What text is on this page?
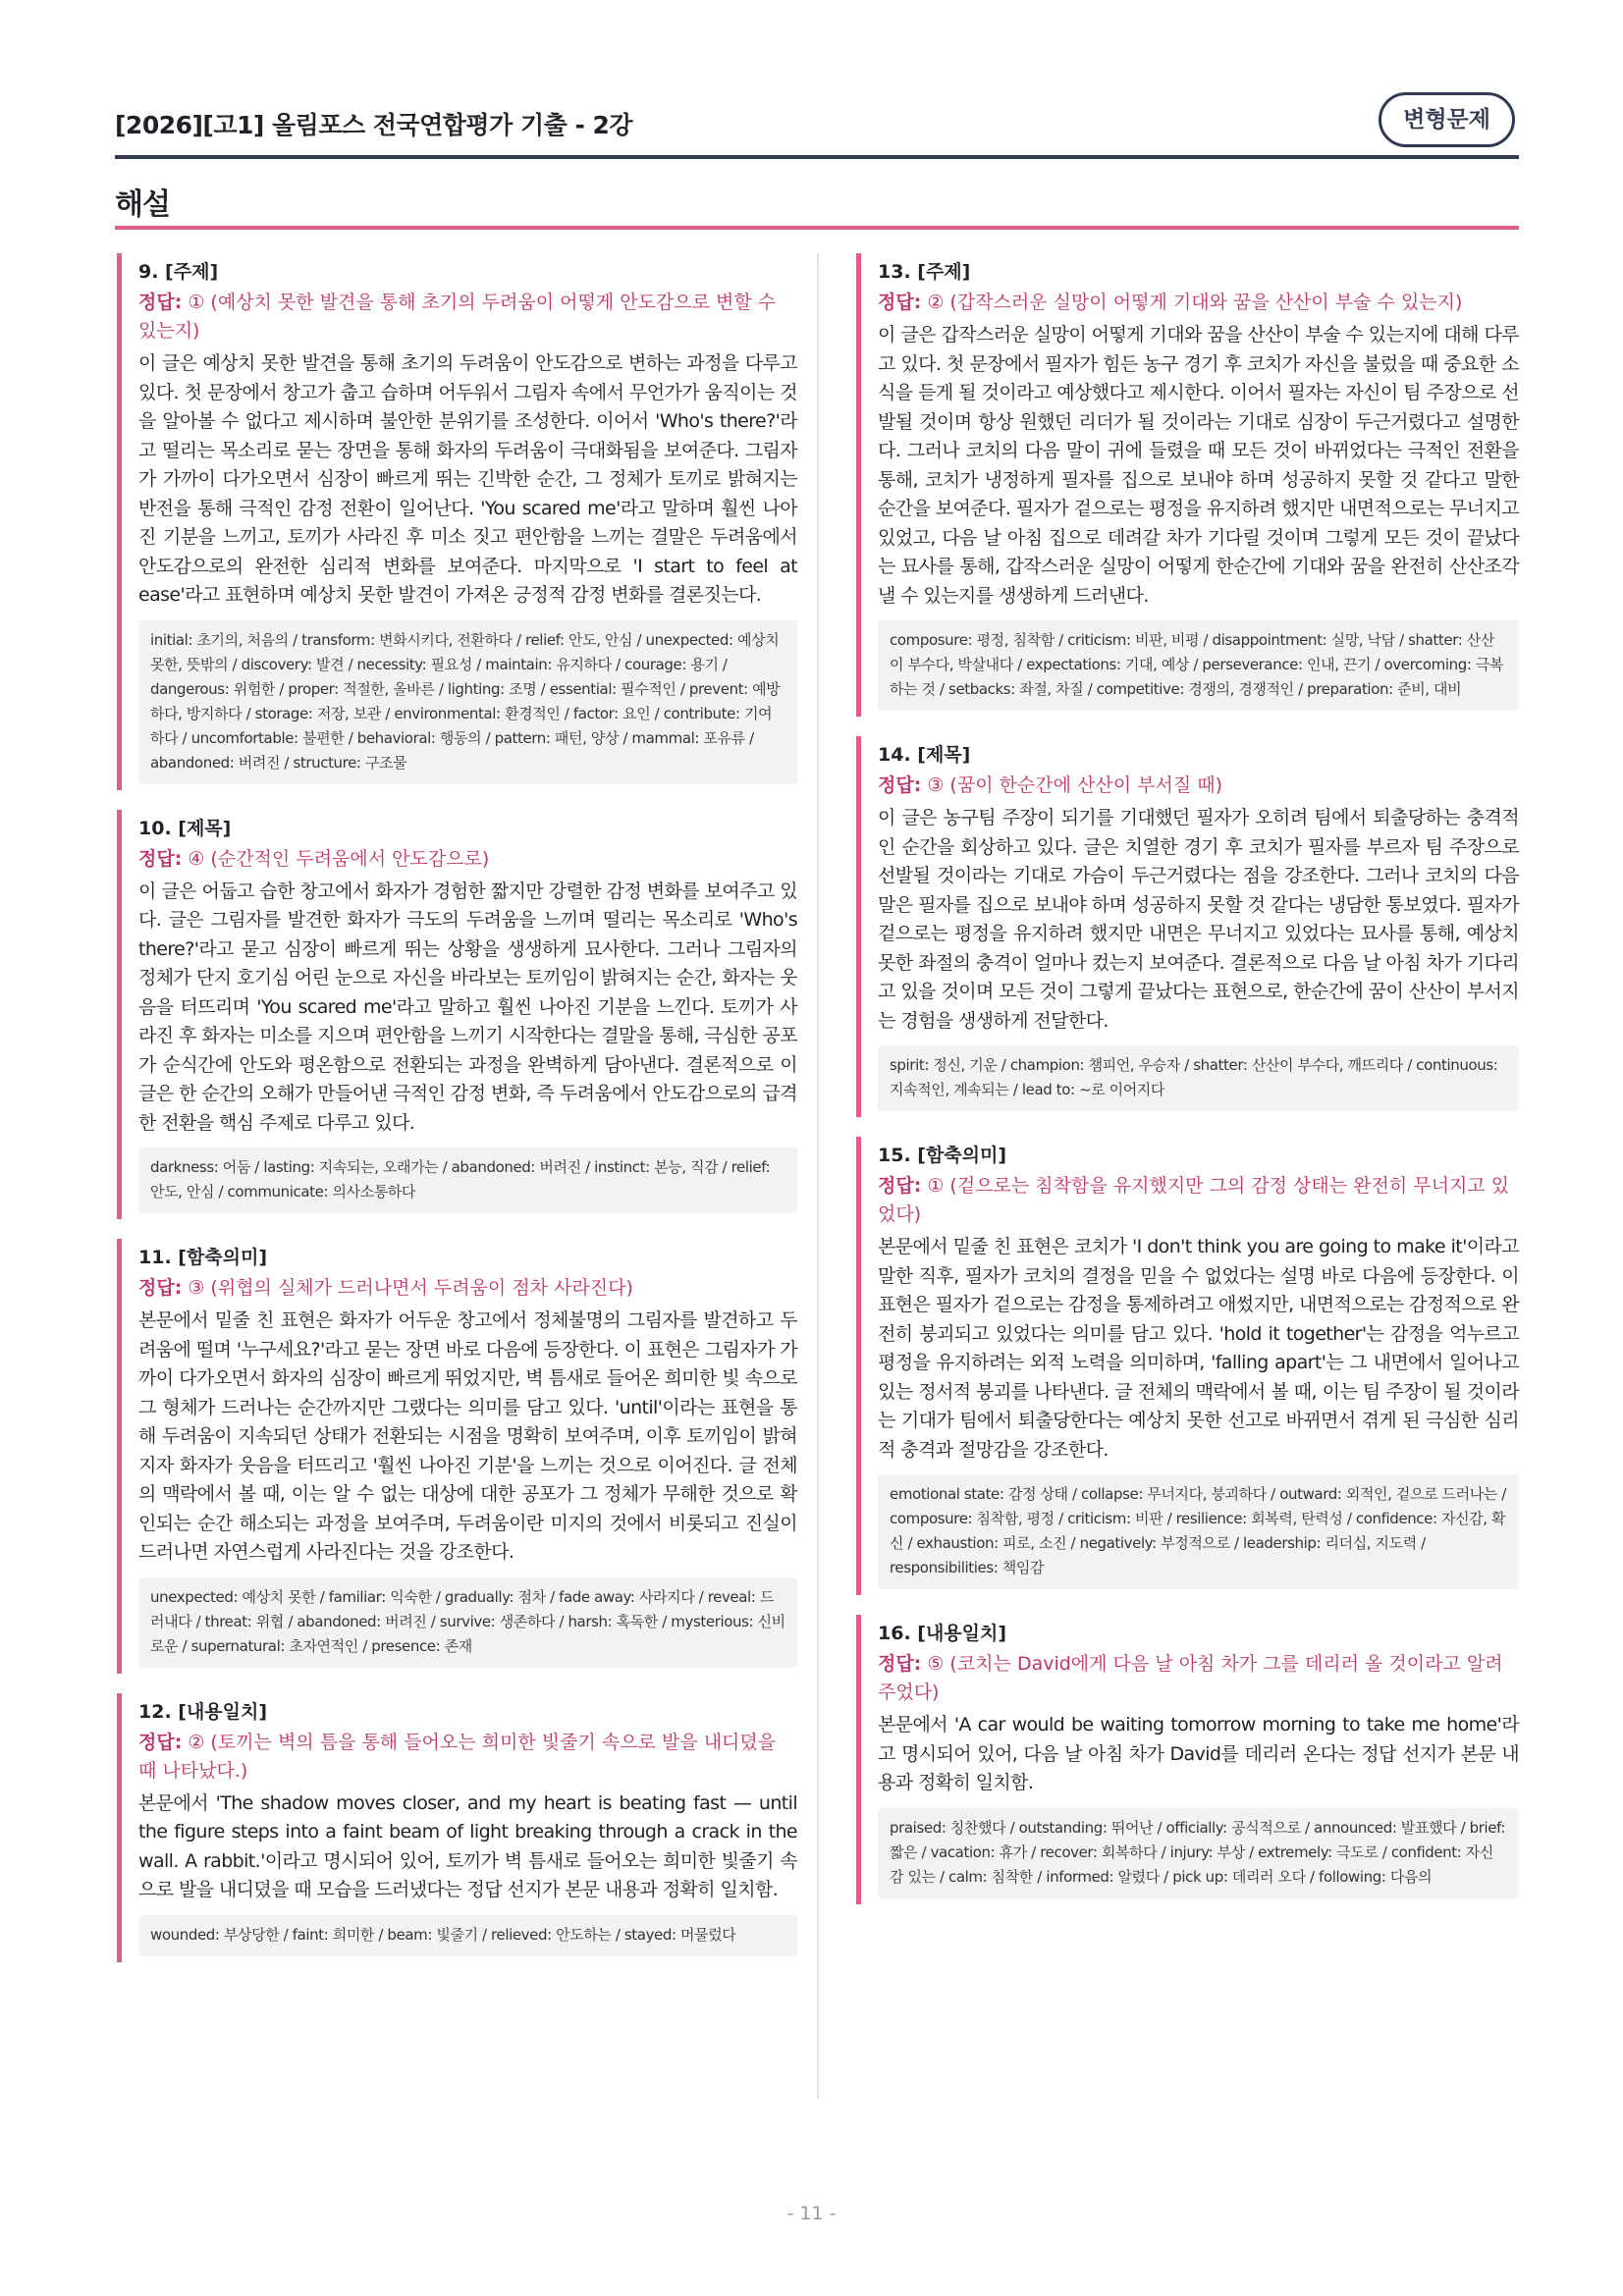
[2026][고1] 올림포스 전국연합평가 기출 - 2강	변형문제
해설
9. [주제]
정답: ① (예상치 못한 발견을 통해 초기의 두려움이 어떻게 안도감으로 변할 수 있는지)
이 글은 예상치 못한 발견을 통해 초기의 두려움이 안도감으로 변하는 과정을 다루고 있다. 첫 문장에서 창고가 춥고 습하며 어두워서 그림자 속에서 무언가가 움직이는 것을 알아볼 수 없다고 제시하며 불안한 분위기를 조성한다. 이어서 'Who's there?'라고 떨리는 목소리로 묻는 장면을 통해 화자의 두려움이 극대화됨을 보여준다. 그림자가 가까이 다가오면서 심장이 빠르게 뛰는 긴박한 순간, 그 정체가 토끼로 밝혀지는 반전을 통해 극적인 감정 전환이 일어난다. 'You scared me'라고 말하며 훨씬 나아진 기분을 느끼고, 토끼가 사라진 후 미소 짓고 편안함을 느끼는 결말은 두려움에서 안도감으로의 완전한 심리적 변화를 보여준다. 마지막으로 'I start to feel at ease'라고 표현하며 예상치 못한 발견이 가져온 긍정적 감정 변화를 결론짓는다.
initial: 초기의, 처음의 / transform: 변화시키다, 전환하다 / relief: 안도, 안심 / unexpected: 예상치 못한, 뜻밖의 / discovery: 발견 / necessity: 필요성 / maintain: 유지하다 / courage: 용기 / dangerous: 위험한 / proper: 적절한, 올바른 / lighting: 조명 / essential: 필수적인 / prevent: 예방하다, 방지하다 / storage: 저장, 보관 / environmental: 환경적인 / factor: 요인 / contribute: 기여하다 / uncomfortable: 불편한 / behavioral: 행동의 / pattern: 패턴, 양상 / mammal: 포유류 / abandoned: 버려진 / structure: 구조물
10. [제목]
정답: ④ (순간적인 두려움에서 안도감으로)
이 글은 어둡고 습한 창고에서 화자가 경험한 짧지만 강렬한 감정 변화를 보여주고 있다. 글은 그림자를 발견한 화자가 극도의 두려움을 느끼며 떨리는 목소리로 'Who's there?'라고 묻고 심장이 빠르게 뛰는 상황을 생생하게 묘사한다. 그러나 그림자의 정체가 단지 호기심 어린 눈으로 자신을 바라보는 토끼임이 밝혀지는 순간, 화자는 웃음을 터뜨리며 'You scared me'라고 말하고 훨씬 나아진 기분을 느낀다. 토끼가 사라진 후 화자는 미소를 지으며 편안함을 느끼기 시작한다는 결말을 통해, 극심한 공포가 순식간에 안도와 평온함으로 전환되는 과정을 완벽하게 담아낸다. 결론적으로 이 글은 한 순간의 오해가 만들어낸 극적인 감정 변화, 즉 두려움에서 안도감으로의 급격한 전환을 핵심 주제로 다루고 있다.
darkness: 어둠 / lasting: 지속되는, 오래가는 / abandoned: 버려진 / instinct: 본능, 직감 / relief: 안도, 안심 / communicate: 의사소통하다
11. [함축의미]
정답: ③ (위협의 실체가 드러나면서 두려움이 점차 사라진다)
본문에서 밑줄 친 표현은 화자가 어두운 창고에서 정체불명의 그림자를 발견하고 두려움에 떨며 '누구세요?'라고 묻는 장면 바로 다음에 등장한다. 이 표현은 그림자가 가까이 다가오면서 화자의 심장이 빠르게 뛰었지만, 벽 틈새로 들어온 희미한 빛 속으로 그 형체가 드러나는 순간까지만 그랬다는 의미를 담고 있다. 'until'이라는 표현을 통해 두려움이 지속되던 상태가 전환되는 시점을 명확히 보여주며, 이후 토끼임이 밝혀지자 화자가 웃음을 터뜨리고 '훨씬 나아진 기분'을 느끼는 것으로 이어진다. 글 전체의 맥락에서 볼 때, 이는 알 수 없는 대상에 대한 공포가 그 정체가 무해한 것으로 확인되는 순간 해소되는 과정을 보여주며, 두려움이란 미지의 것에서 비롯되고 진실이 드러나면 자연스럽게 사라진다는 것을 강조한다.
unexpected: 예상치 못한 / familiar: 익숙한 / gradually: 점차 / fade away: 사라지다 / reveal: 드러내다 / threat: 위협 / abandoned: 버려진 / survive: 생존하다 / harsh: 혹독한 / mysterious: 신비로운 / supernatural: 초자연적인 / presence: 존재
12. [내용일치]
정답: ② (토끼는 벽의 틈을 통해 들어오는 희미한 빛줄기 속으로 발을 내디뎠을 때 나타났다.)
본문에서 'The shadow moves closer, and my heart is beating fast — until the figure steps into a faint beam of light breaking through a crack in the wall. A rabbit.'이라고 명시되어 있어, 토끼가 벽 틈새로 들어오는 희미한 빛줄기 속으로 발을 내디뎠을 때 모습을 드러냈다는 정답 선지가 본문 내용과 정확히 일치함.
wounded: 부상당한 / faint: 희미한 / beam: 빛줄기 / relieved: 안도하는 / stayed: 머물렀다
13. [주제]
정답: ② (갑작스러운 실망이 어떻게 기대와 꿈을 산산이 부술 수 있는지)
이 글은 갑작스러운 실망이 어떻게 기대와 꿈을 산산이 부술 수 있는지에 대해 다루고 있다. 첫 문장에서 필자가 힘든 농구 경기 후 코치가 자신을 불렀을 때 중요한 소식을 듣게 될 것이라고 예상했다고 제시한다. 이어서 필자는 자신이 팀 주장으로 선발될 것이며 항상 원했던 리더가 될 것이라는 기대로 심장이 두근거렸다고 설명한다. 그러나 코치의 다음 말이 귀에 들렸을 때 모든 것이 바뀌었다는 극적인 전환을 통해, 코치가 냉정하게 필자를 집으로 보내야 하며 성공하지 못할 것 같다고 말한 순간을 보여준다. 필자가 겉으로는 평정을 유지하려 했지만 내면적으로는 무너지고 있었고, 다음 날 아침 집으로 데려갈 차가 기다릴 것이며 그렇게 모든 것이 끝났다는 묘사를 통해, 갑작스러운 실망이 어떻게 한순간에 기대와 꿈을 완전히 산산조각 낼 수 있는지를 생생하게 드러낸다.
composure: 평정, 침착함 / criticism: 비판, 비평 / disappointment: 실망, 낙담 / shatter: 산산이 부수다, 박살내다 / expectations: 기대, 예상 / perseverance: 인내, 끈기 / overcoming: 극복하는 것 / setbacks: 좌절, 차질 / competitive: 경쟁의, 경쟁적인 / preparation: 준비, 대비
14. [제목]
정답: ③ (꿈이 한순간에 산산이 부서질 때)
이 글은 농구팀 주장이 되기를 기대했던 필자가 오히려 팀에서 퇴출당하는 충격적인 순간을 회상하고 있다. 글은 치열한 경기 후 코치가 필자를 부르자 팀 주장으로 선발될 것이라는 기대로 가슴이 두근거렸다는 점을 강조한다. 그러나 코치의 다음 말은 필자를 집으로 보내야 하며 성공하지 못할 것 같다는 냉담한 통보였다. 필자가 겉으로는 평정을 유지하려 했지만 내면은 무너지고 있었다는 묘사를 통해, 예상치 못한 좌절의 충격이 얼마나 컸는지 보여준다. 결론적으로 다음 날 아침 차가 기다리고 있을 것이며 모든 것이 그렇게 끝났다는 표현으로, 한순간에 꿈이 산산이 부서지는 경험을 생생하게 전달한다.
spirit: 정신, 기운 / champion: 챔피언, 우승자 / shatter: 산산이 부수다, 깨뜨리다 / continuous: 지속적인, 계속되는 / lead to: ~로 이어지다
15. [함축의미]
정답: ① (겉으로는 침착함을 유지했지만 그의 감정 상태는 완전히 무너지고 있었다)
본문에서 밑줄 친 표현은 코치가 'I don't think you are going to make it'이라고 말한 직후, 필자가 코치의 결정을 믿을 수 없었다는 설명 바로 다음에 등장한다. 이 표현은 필자가 겉으로는 감정을 통제하려고 애썼지만, 내면적으로는 감정적으로 완전히 붕괴되고 있었다는 의미를 담고 있다. 'hold it together'는 감정을 억누르고 평정을 유지하려는 외적 노력을 의미하며, 'falling apart'는 그 내면에서 일어나고 있는 정서적 붕괴를 나타낸다. 글 전체의 맥락에서 볼 때, 이는 팀 주장이 될 것이라는 기대가 팀에서 퇴출당한다는 예상치 못한 선고로 바뀌면서 겪게 된 극심한 심리적 충격과 절망감을 강조한다.
emotional state: 감정 상태 / collapse: 무너지다, 붕괴하다 / outward: 외적인, 겉으로 드러나는 / composure: 침착함, 평정 / criticism: 비판 / resilience: 회복력, 탄력성 / confidence: 자신감, 확신 / exhaustion: 피로, 소진 / negatively: 부정적으로 / leadership: 리더십, 지도력 / responsibilities: 책임감
16. [내용일치]
정답: ⑤ (코치는 David에게 다음 날 아침 차가 그를 데리러 올 것이라고 알려주었다)
본문에서 'A car would be waiting tomorrow morning to take me home'라고 명시되어 있어, 다음 날 아침 차가 David를 데리러 온다는 정답 선지가 본문 내용과 정확히 일치함.
praised: 칭찬했다 / outstanding: 뛰어난 / officially: 공식적으로 / announced: 발표했다 / brief: 짧은 / vacation: 휴가 / recover: 회복하다 / injury: 부상 / extremely: 극도로 / confident: 자신감 있는 / calm: 침착한 / informed: 알렸다 / pick up: 데리러 오다 / following: 다음의
- 11 -
